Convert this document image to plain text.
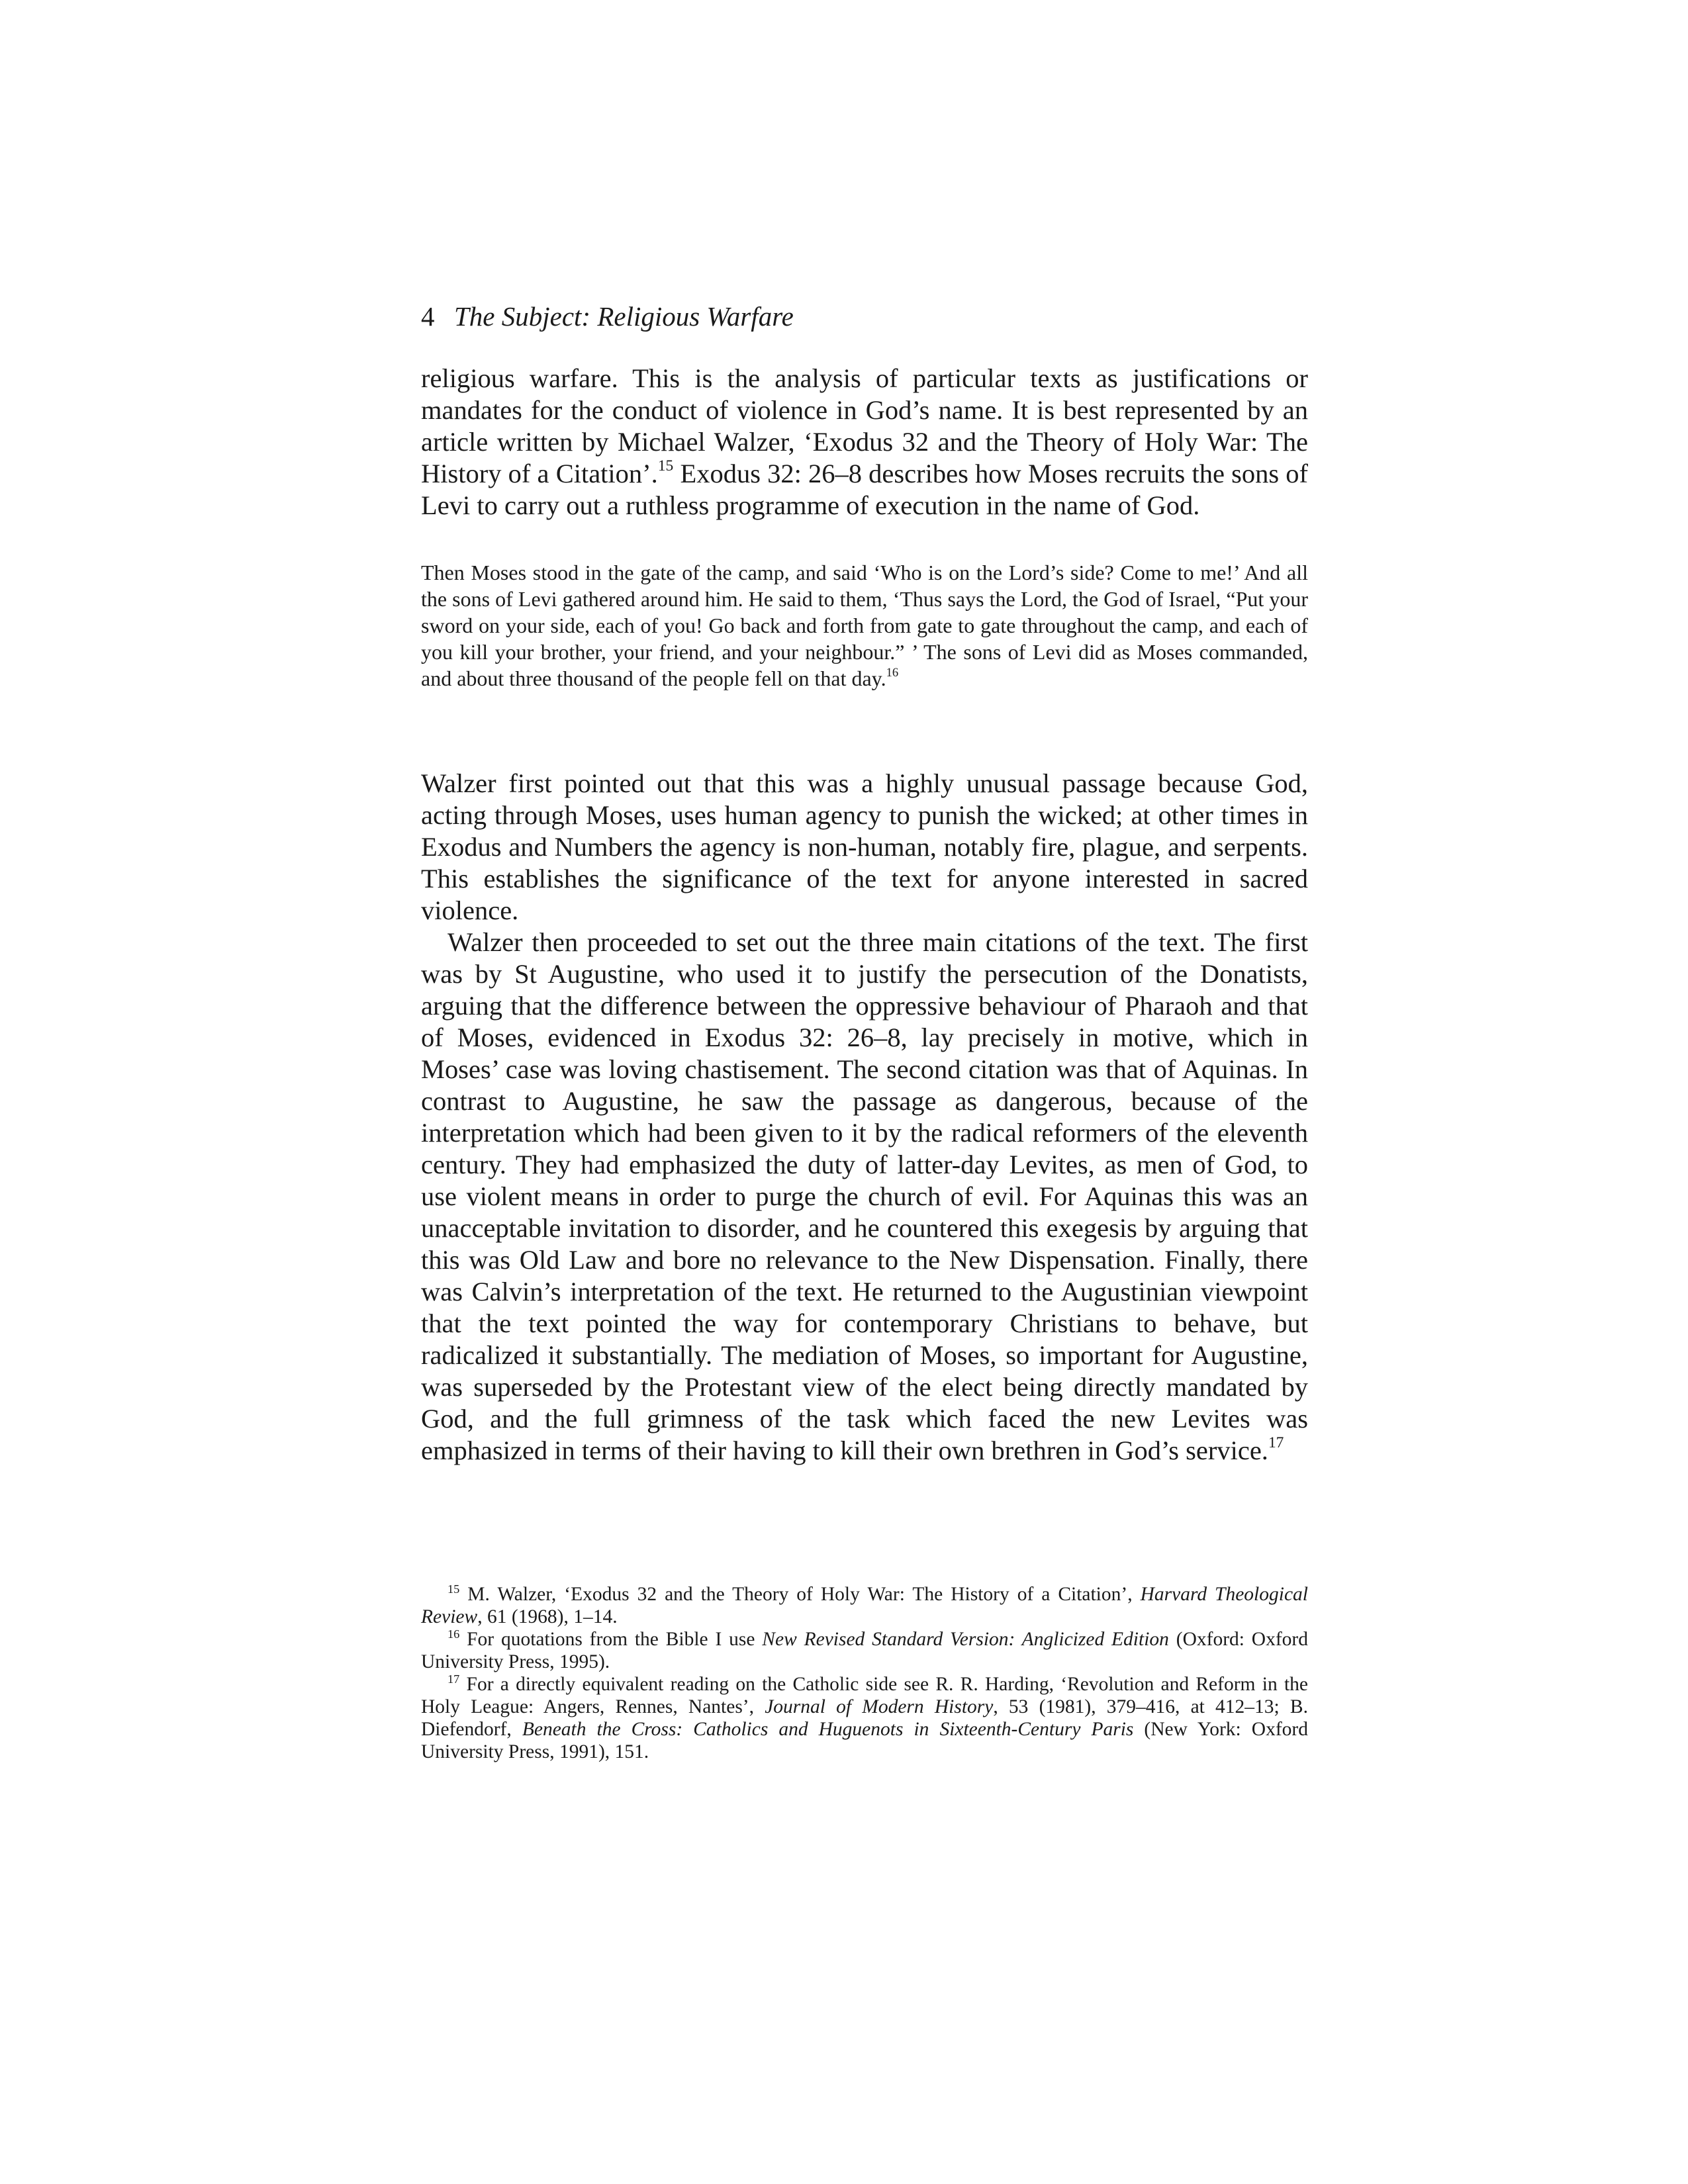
4 The Subject: Religious Warfare

religious warfare. This is the analysis of particular texts as justifications or mandates for the conduct of violence in God’s name. It is best represented by an article written by Michael Walzer, ‘Exodus 32 and the Theory of Holy War: The History of a Citation’.$^{15}$ Exodus 32: 26–8 describes how Moses recruits the sons of Levi to carry out a ruthless programme of execution in the name of God.

Then Moses stood in the gate of the camp, and said ‘Who is on the Lord’s side? Come to me!’ And all the sons of Levi gathered around him. He said to them, ‘Thus says the Lord, the God of Israel, “Put your sword on your side, each of you! Go back and forth from gate to gate throughout the camp, and each of you kill your brother, your friend, and your neighbour.” ’ The sons of Levi did as Moses commanded, and about three thousand of the people fell on that day.$^{16}$

Walzer first pointed out that this was a highly unusual passage because God, acting through Moses, uses human agency to punish the wicked; at other times in Exodus and Numbers the agency is non-human, notably fire, plague, and serpents. This establishes the significance of the text for anyone interested in sacred violence.

Walzer then proceeded to set out the three main citations of the text. The first was by St Augustine, who used it to justify the persecution of the Donatists, arguing that the difference between the oppressive behaviour of Pharaoh and that of Moses, evidenced in Exodus 32: 26–8, lay precisely in motive, which in Moses’ case was loving chastisement. The second citation was that of Aquinas. In contrast to Augustine, he saw the passage as dangerous, because of the interpretation which had been given to it by the radical reformers of the eleventh century. They had emphasized the duty of latter-day Levites, as men of God, to use violent means in order to purge the church of evil. For Aquinas this was an unacceptable invitation to disorder, and he countered this exegesis by arguing that this was Old Law and bore no relevance to the New Dispensation. Finally, there was Calvin’s interpretation of the text. He returned to the Augustinian viewpoint that the text pointed the way for contemporary Christians to behave, but radicalized it substantially. The mediation of Moses, so important for Augustine, was superseded by the Protestant view of the elect being directly mandated by God, and the full grimness of the task which faced the new Levites was emphasized in terms of their having to kill their own brethren in God’s service.$^{17}$

$^{15}$ M. Walzer, ‘Exodus 32 and the Theory of Holy War: The History of a Citation’, Harvard Theological Review, 61 (1968), 1–14.

$^{16}$ For quotations from the Bible I use New Revised Standard Version: Anglicized Edition (Oxford: Oxford University Press, 1995).

$^{17}$ For a directly equivalent reading on the Catholic side see R. R. Harding, ‘Revolution and Reform in the Holy League: Angers, Rennes, Nantes’, Journal of Modern History, 53 (1981), 379–416, at 412–13; B. Diefendorf, Beneath the Cross: Catholics and Huguenots in Sixteenth-Century Paris (New York: Oxford University Press, 1991), 151.
